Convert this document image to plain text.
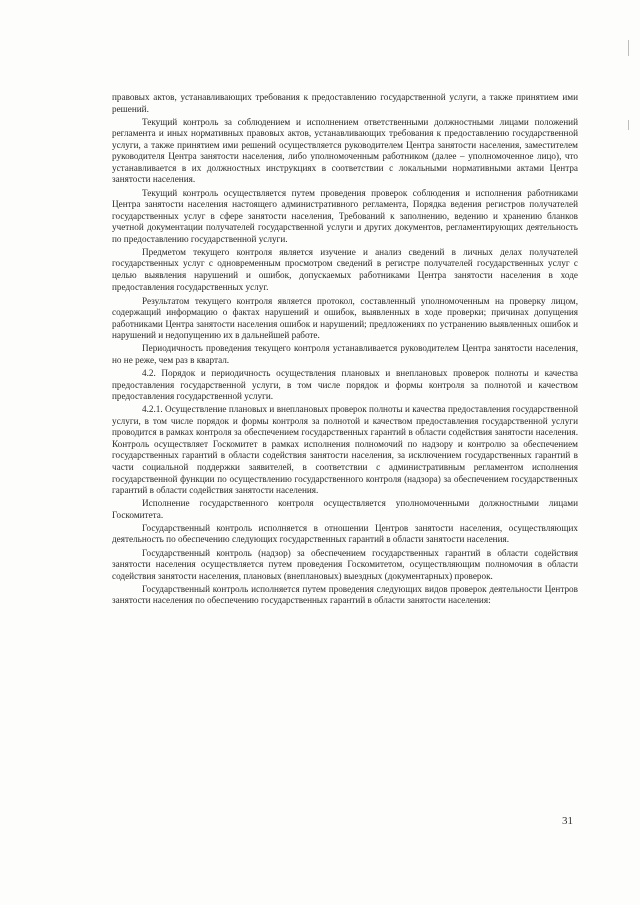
правовых актов, устанавливающих требования к предоставлению государственной услуги, а также принятием ими решений.

Текущий контроль за соблюдением и исполнением ответственными должностными лицами положений регламента и иных нормативных правовых актов, устанавливающих требования к предоставлению государственной услуги, а также принятием ими решений осуществляется руководителем Центра занятости населения, заместителем руководителя Центра занятости населения, либо уполномоченным работником (далее – уполномоченное лицо), что устанавливается в их должностных инструкциях в соответствии с локальными нормативными актами Центра занятости населения.

Текущий контроль осуществляется путем проведения проверок соблюдения и исполнения работниками Центра занятости населения настоящего административного регламента, Порядка ведения регистров получателей государственных услуг в сфере занятости населения, Требований к заполнению, ведению и хранению бланков учетной документации получателей государственной услуги и других документов, регламентирующих деятельность по предоставлению государственной услуги.

Предметом текущего контроля является изучение и анализ сведений в личных делах получателей государственных услуг с одновременным просмотром сведений в регистре получателей государственных услуг с целью выявления нарушений и ошибок, допускаемых работниками Центра занятости населения в ходе предоставления государственных услуг.

Результатом текущего контроля является протокол, составленный уполномоченным на проверку лицом, содержащий информацию о фактах нарушений и ошибок, выявленных в ходе проверки; причинах допущения работниками Центра занятости населения ошибок и нарушений; предложениях по устранению выявленных ошибок и нарушений и недопущению их в дальнейшей работе.

Периодичность проведения текущего контроля устанавливается руководителем Центра занятости населения, но не реже, чем раз в квартал.

4.2. Порядок и периодичность осуществления плановых и внеплановых проверок полноты и качества предоставления государственной услуги, в том числе порядок и формы контроля за полнотой и качеством предоставления государственной услуги.

4.2.1. Осуществление плановых и внеплановых проверок полноты и качества предоставления государственной услуги, в том числе порядок и формы контроля за полнотой и качеством предоставления государственной услуги проводится в рамках контроля за обеспечением государственных гарантий в области содействия занятости населения. Контроль осуществляет Госкомитет в рамках исполнения полномочий по надзору и контролю за обеспечением государственных гарантий в области содействия занятости населения, за исключением государственных гарантий в части социальной поддержки заявителей, в соответствии с административным регламентом исполнения государственной функции по осуществлению государственного контроля (надзора) за обеспечением государственных гарантий в области содействия занятости населения.

Исполнение государственного контроля осуществляется уполномоченными должностными лицами Госкомитета.

Государственный контроль исполняется в отношении Центров занятости населения, осуществляющих деятельность по обеспечению следующих государственных гарантий в области занятости населения.

Государственный контроль (надзор) за обеспечением государственных гарантий в области содействия занятости населения осуществляется путем проведения Госкомитетом, осуществляющим полномочия в области содействия занятости населения, плановых (внеплановых) выездных (документарных) проверок.

Государственный контроль исполняется путем проведения следующих видов проверок деятельности Центров занятости населения по обеспечению государственных гарантий в области занятости населения:

31
